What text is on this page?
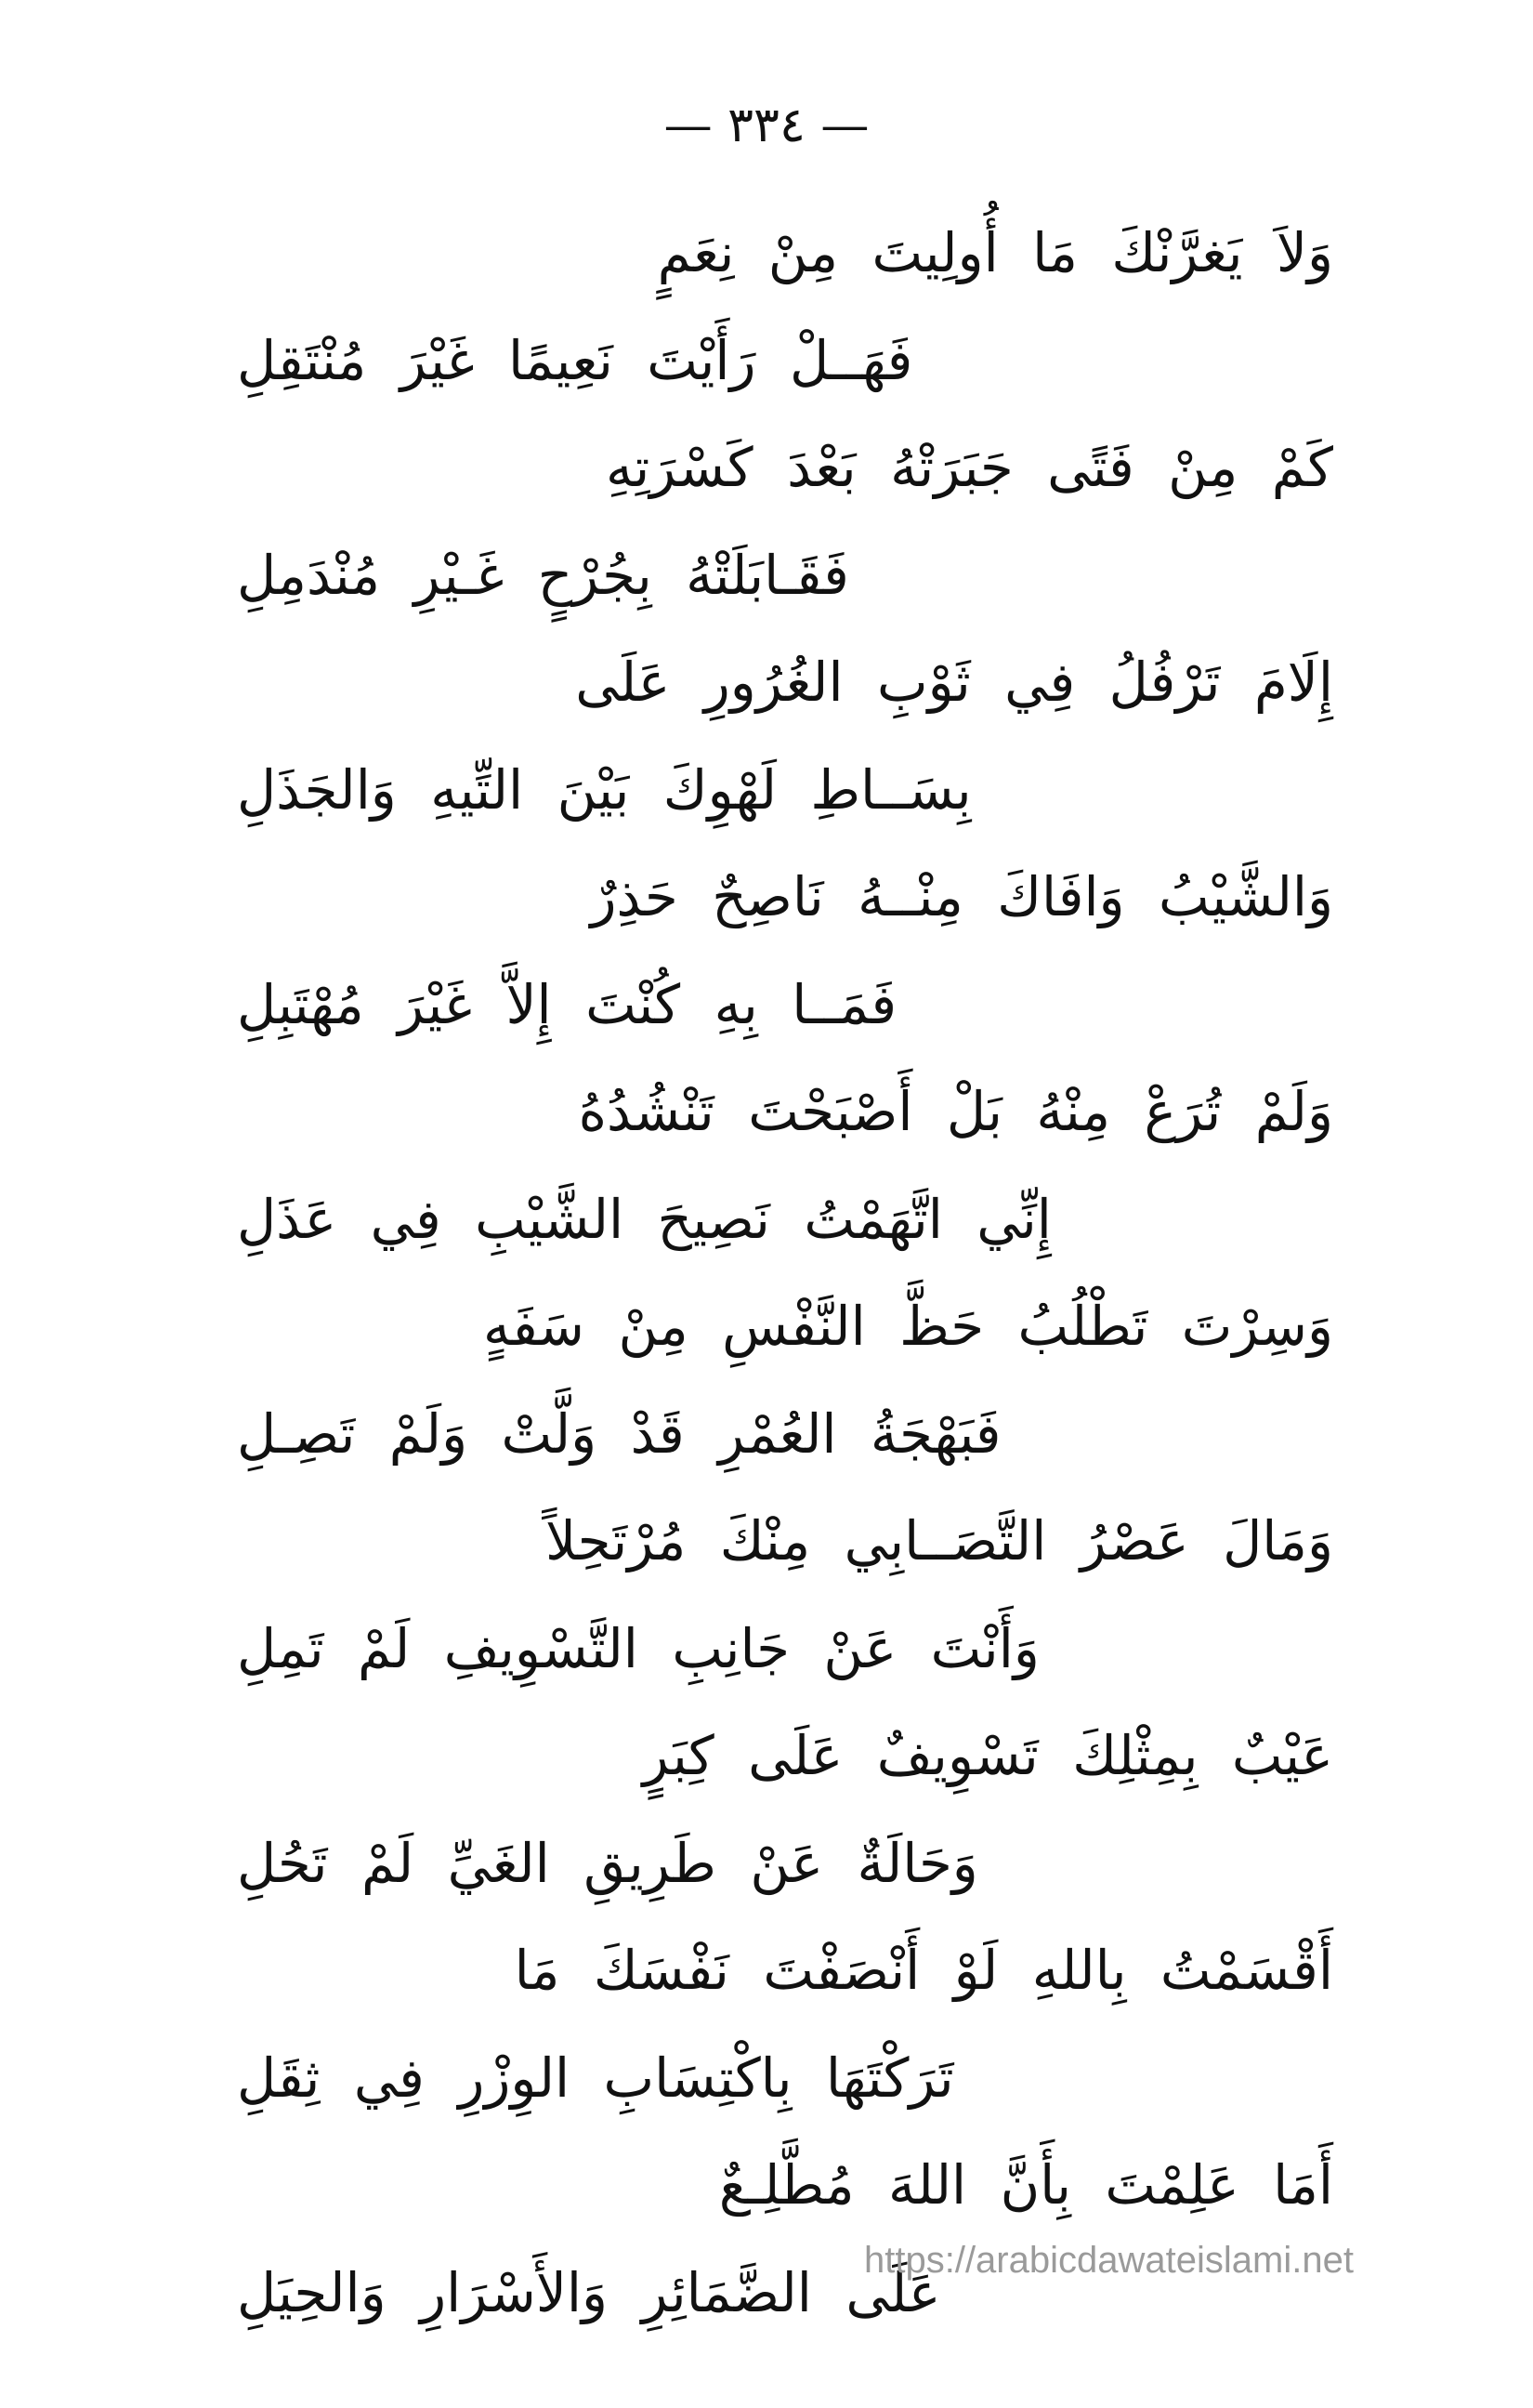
— ٣٣٤ —
وَلاَ يَغرَّنْكَ مَا أُولِيتَ مِنْ نِعَمٍ
فَهَــلْ رَأَيْتَ نَعِيمًا غَيْرَ مُنْتَقِلِ
كَمْ مِنْ فَتًى جَبَرَتْهُ بَعْدَ كَسْرَتِهِ
فَقَـابَلَتْهُ بِجُرْحٍ غَـيْرِ مُنْدَمِلِ
إِلَامَ تَرْفُلُ فِي ثَوْبِ الغُرُورِ عَلَى
بِسَــاطِ لَهْوِكَ بَيْنَ التِّيهِ وَالجَذَلِ
وَالشَّيْبُ وَافَاكَ مِنْــهُ نَاصِحٌ حَذِرٌ
فَمَــا بِهِ كُنْتَ إِلاَّ غَيْرَ مُهْتَبِلِ
وَلَمْ تُرَعْ مِنْهُ بَلْ أَصْبَحْتَ تَنْشُدُهُ
إِنِّي اتَّهَمْتُ نَصِيحَ الشَّيْبِ فِي عَذَلِ
وَسِرْتَ تَطْلُبُ حَظَّ النَّفْسِ مِنْ سَفَهٍ
فَبَهْجَةُ العُمْرِ قَدْ وَلَّتْ وَلَمْ تَصِـلِ
وَمَالَ عَصْرُ التَّصَــابِي مِنْكَ مُرْتَحِلاً
وَأَنْتَ عَنْ جَانِبِ التَّسْوِيفِ لَمْ تَمِلِ
عَيْبٌ بِمِثْلِكَ تَسْوِيفٌ عَلَى كِبَرٍ
وَحَالَةٌ عَنْ طَرِيقِ الغَيِّ لَمْ تَحُلِ
أَقْسَمْتُ بِاللهِ لَوْ أَنْصَفْتَ نَفْسَكَ مَا
تَرَكْتَهَا بِاكْتِسَابِ الوِزْرِ فِي ثِقَلِ
أَمَا عَلِمْتَ بِأَنَّ اللهَ مُطَّلِـعٌ
عَلَى الضَّمَائِرِ وَالأَسْرَارِ وَالحِيَلِ
https://arabicdawateislami.net
